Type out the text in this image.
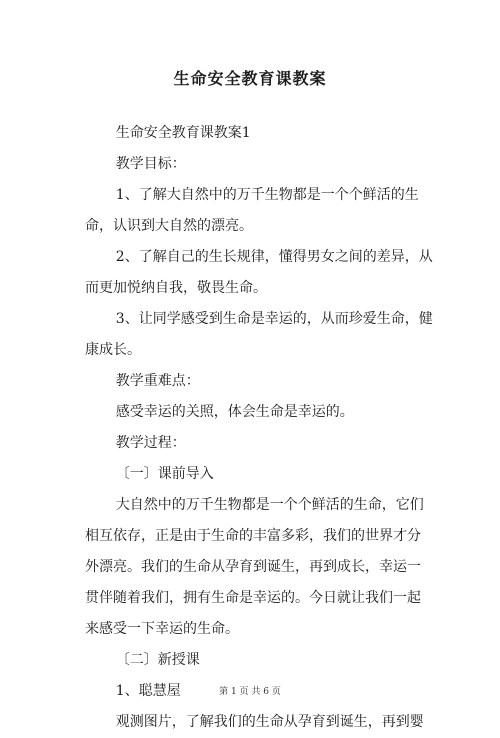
生命安全教育课教案

生命安全教育课教案1

教学目标：

1、了解大自然中的万千生物都是一个个鲜活的生命，认识到大自然的漂亮。

2、了解自己的生长规律，懂得男女之间的差异，从而更加悦纳自我，敬畏生命。

3、让同学感受到生命是幸运的，从而珍爱生命，健康成长。

教学重难点：

感受幸运的关照，体会生命是幸运的。

教学过程：

〔一〕课前导入

大自然中的万千生物都是一个个鲜活的生命，它们相互依存，正是由于生命的丰富多彩，我们的世界才分外漂亮。我们的生命从孕育到诞生，再到成长，幸运一贯伴随着我们，拥有生命是幸运的。今日就让我们一起来感受一下幸运的生命。

〔二〕新授课

1、聪慧屋

观测图片，了解我们的生命从孕育到诞生，再到婴

第 1 页 共 6 页
